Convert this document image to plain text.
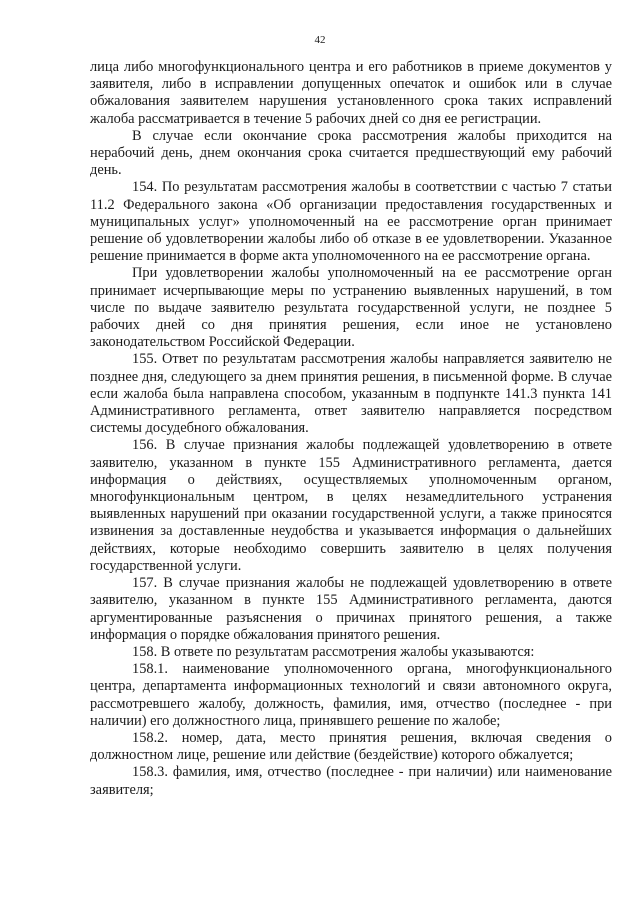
42

лица либо многофункционального центра и его работников в приеме документов у заявителя, либо в исправлении допущенных опечаток и ошибок или в случае обжалования заявителем нарушения установленного срока таких исправлений жалоба рассматривается в течение 5 рабочих дней со дня ее регистрации.

В случае если окончание срока рассмотрения жалобы приходится на нерабочий день, днем окончания срока считается предшествующий ему рабочий день.

154. По результатам рассмотрения жалобы в соответствии с частью 7 статьи 11.2 Федерального закона «Об организации предоставления государственных и муниципальных услуг» уполномоченный на ее рассмотрение орган принимает решение об удовлетворении жалобы либо об отказе в ее удовлетворении. Указанное решение принимается в форме акта уполномоченного на ее рассмотрение органа.

При удовлетворении жалобы уполномоченный на ее рассмотрение орган принимает исчерпывающие меры по устранению выявленных нарушений, в том числе по выдаче заявителю результата государственной услуги, не позднее 5 рабочих дней со дня принятия решения, если иное не установлено законодательством Российской Федерации.

155. Ответ по результатам рассмотрения жалобы направляется заявителю не позднее дня, следующего за днем принятия решения, в письменной форме. В случае если жалоба была направлена способом, указанным в подпункте 141.3 пункта 141 Административного регламента, ответ заявителю направляется посредством системы досудебного обжалования.

156. В случае признания жалобы подлежащей удовлетворению в ответе заявителю, указанном в пункте 155 Административного регламента, дается информация о действиях, осуществляемых уполномоченным органом, многофункциональным центром, в целях незамедлительного устранения выявленных нарушений при оказании государственной услуги, а также приносятся извинения за доставленные неудобства и указывается информация о дальнейших действиях, которые необходимо совершить заявителю в целях получения государственной услуги.

157. В случае признания жалобы не подлежащей удовлетворению в ответе заявителю, указанном в пункте 155 Административного регламента, даются аргументированные разъяснения о причинах принятого решения, а также информация о порядке обжалования принятого решения.

158. В ответе по результатам рассмотрения жалобы указываются:

158.1. наименование уполномоченного органа, многофункционального центра, департамента информационных технологий и связи автономного округа, рассмотревшего жалобу, должность, фамилия, имя, отчество (последнее - при наличии) его должностного лица, принявшего решение по жалобе;

158.2. номер, дата, место принятия решения, включая сведения о должностном лице, решение или действие (бездействие) которого обжалуется;

158.3. фамилия, имя, отчество (последнее - при наличии) или наименование заявителя;
